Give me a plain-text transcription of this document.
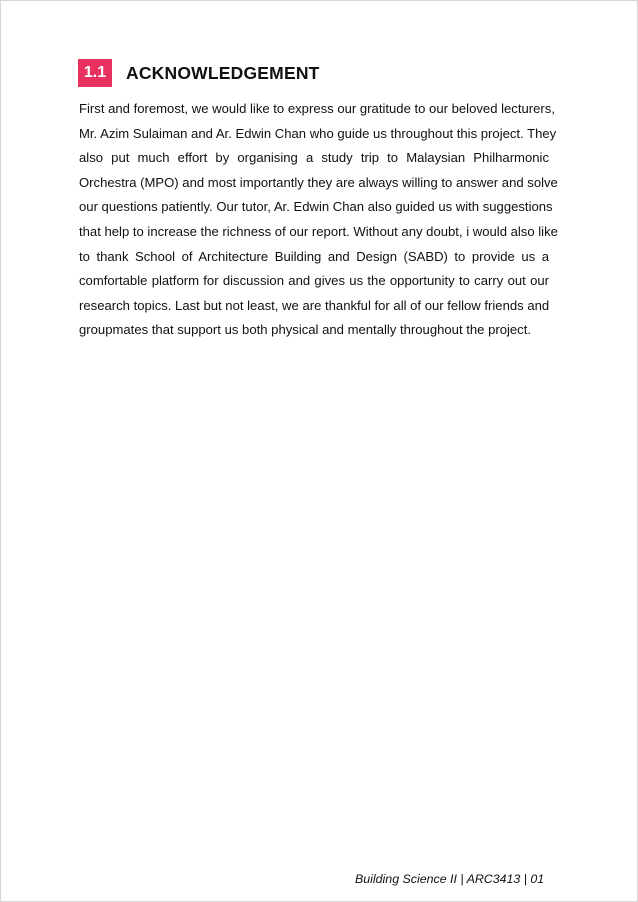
1.1	ACKNOWLEDGEMENT
First and foremost, we would like to express our gratitude to our beloved lecturers,
Mr. Azim Sulaiman and Ar. Edwin Chan who guide us throughout this project. They
also put much effort by organising a study trip to Malaysian Philharmonic
Orchestra (MPO) and most importantly they are always willing to answer and solve
our questions patiently. Our tutor, Ar. Edwin Chan also guided us with suggestions
that help to increase the richness of our report. Without any doubt, i would also like
to thank School of Architecture Building and Design (SABD) to provide us a
comfortable platform for discussion and gives us the opportunity to carry out our
research topics. Last but not least, we are thankful for all of our fellow friends and
groupmates that support us both physical and mentally throughout the project.
Building Science II | ARC3413 | 01
